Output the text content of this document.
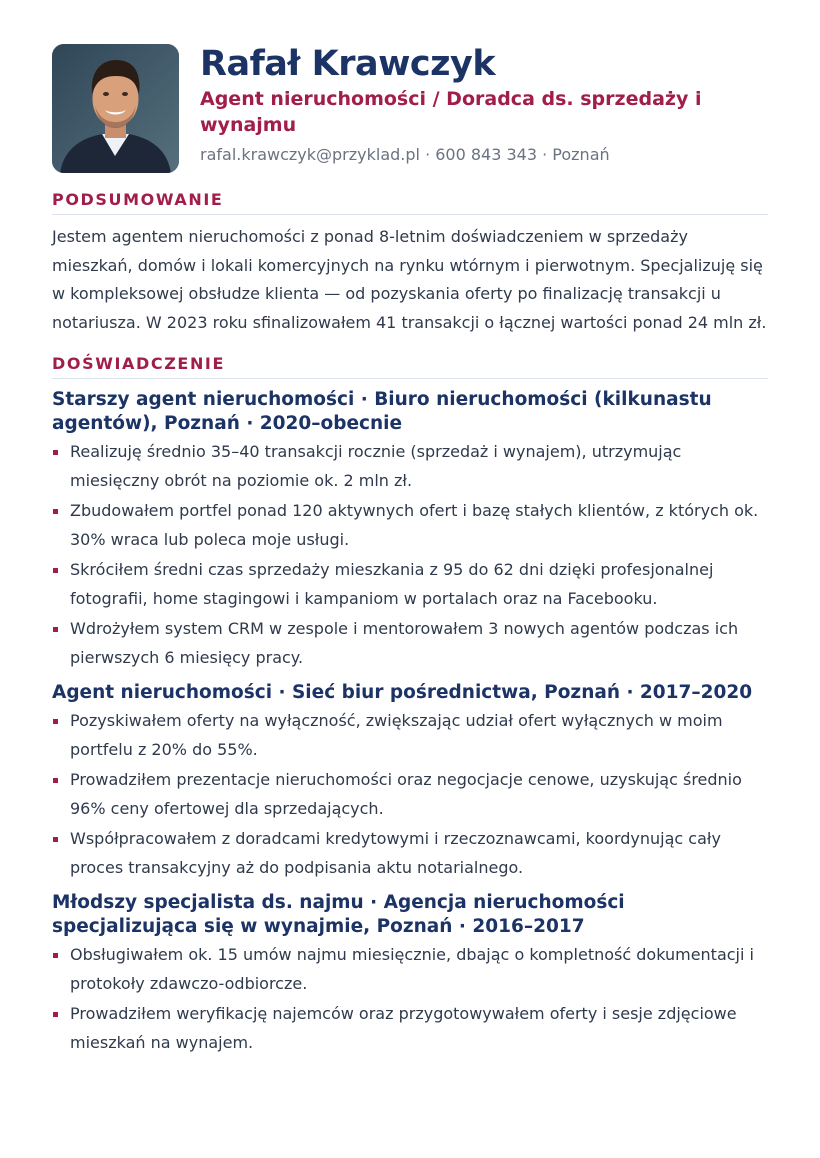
Rafał Krawczyk
Agent nieruchomości / Doradca ds. sprzedaży i wynajmu
rafal.krawczyk@przyklad.pl · 600 843 343 · Poznań
PODSUMOWANIE
Jestem agentem nieruchomości z ponad 8-letnim doświadczeniem w sprzedaży mieszkań, domów i lokali komercyjnych na rynku wtórnym i pierwotnym. Specjalizuję się w kompleksowej obsłudze klienta — od pozyskania oferty po finalizację transakcji u notariusza. W 2023 roku sfinalizowałem 41 transakcji o łącznej wartości ponad 24 mln zł.
DOŚWIADCZENIE
Starszy agent nieruchomości · Biuro nieruchomości (kilkunastu agentów), Poznań · 2020–obecnie
Realizuję średnio 35–40 transakcji rocznie (sprzedaż i wynajem), utrzymując miesięczny obrót na poziomie ok. 2 mln zł.
Zbudowałem portfel ponad 120 aktywnych ofert i bazę stałych klientów, z których ok. 30% wraca lub poleca moje usługi.
Skróciłem średni czas sprzedaży mieszkania z 95 do 62 dni dzięki profesjonalnej fotografii, home stagingowi i kampaniom w portalach oraz na Facebooku.
Wdrożyłem system CRM w zespole i mentorowałem 3 nowych agentów podczas ich pierwszych 6 miesięcy pracy.
Agent nieruchomości · Sieć biur pośrednictwa, Poznań · 2017–2020
Pozyskiwałem oferty na wyłączność, zwiększając udział ofert wyłącznych w moim portfelu z 20% do 55%.
Prowadziłem prezentacje nieruchomości oraz negocjacje cenowe, uzyskując średnio 96% ceny ofertowej dla sprzedających.
Współpracowałem z doradcami kredytowymi i rzeczoznawcami, koordynując cały proces transakcyjny aż do podpisania aktu notarialnego.
Młodszy specjalista ds. najmu · Agencja nieruchomości specjalizująca się w wynajmie, Poznań · 2016–2017
Obsługiwałem ok. 15 umów najmu miesięcznie, dbając o kompletność dokumentacji i protokoły zdawczo-odbiorcze.
Prowadziłem weryfikację najemców oraz przygotowywałem oferty i sesje zdjęciowe mieszkań na wynajem.
